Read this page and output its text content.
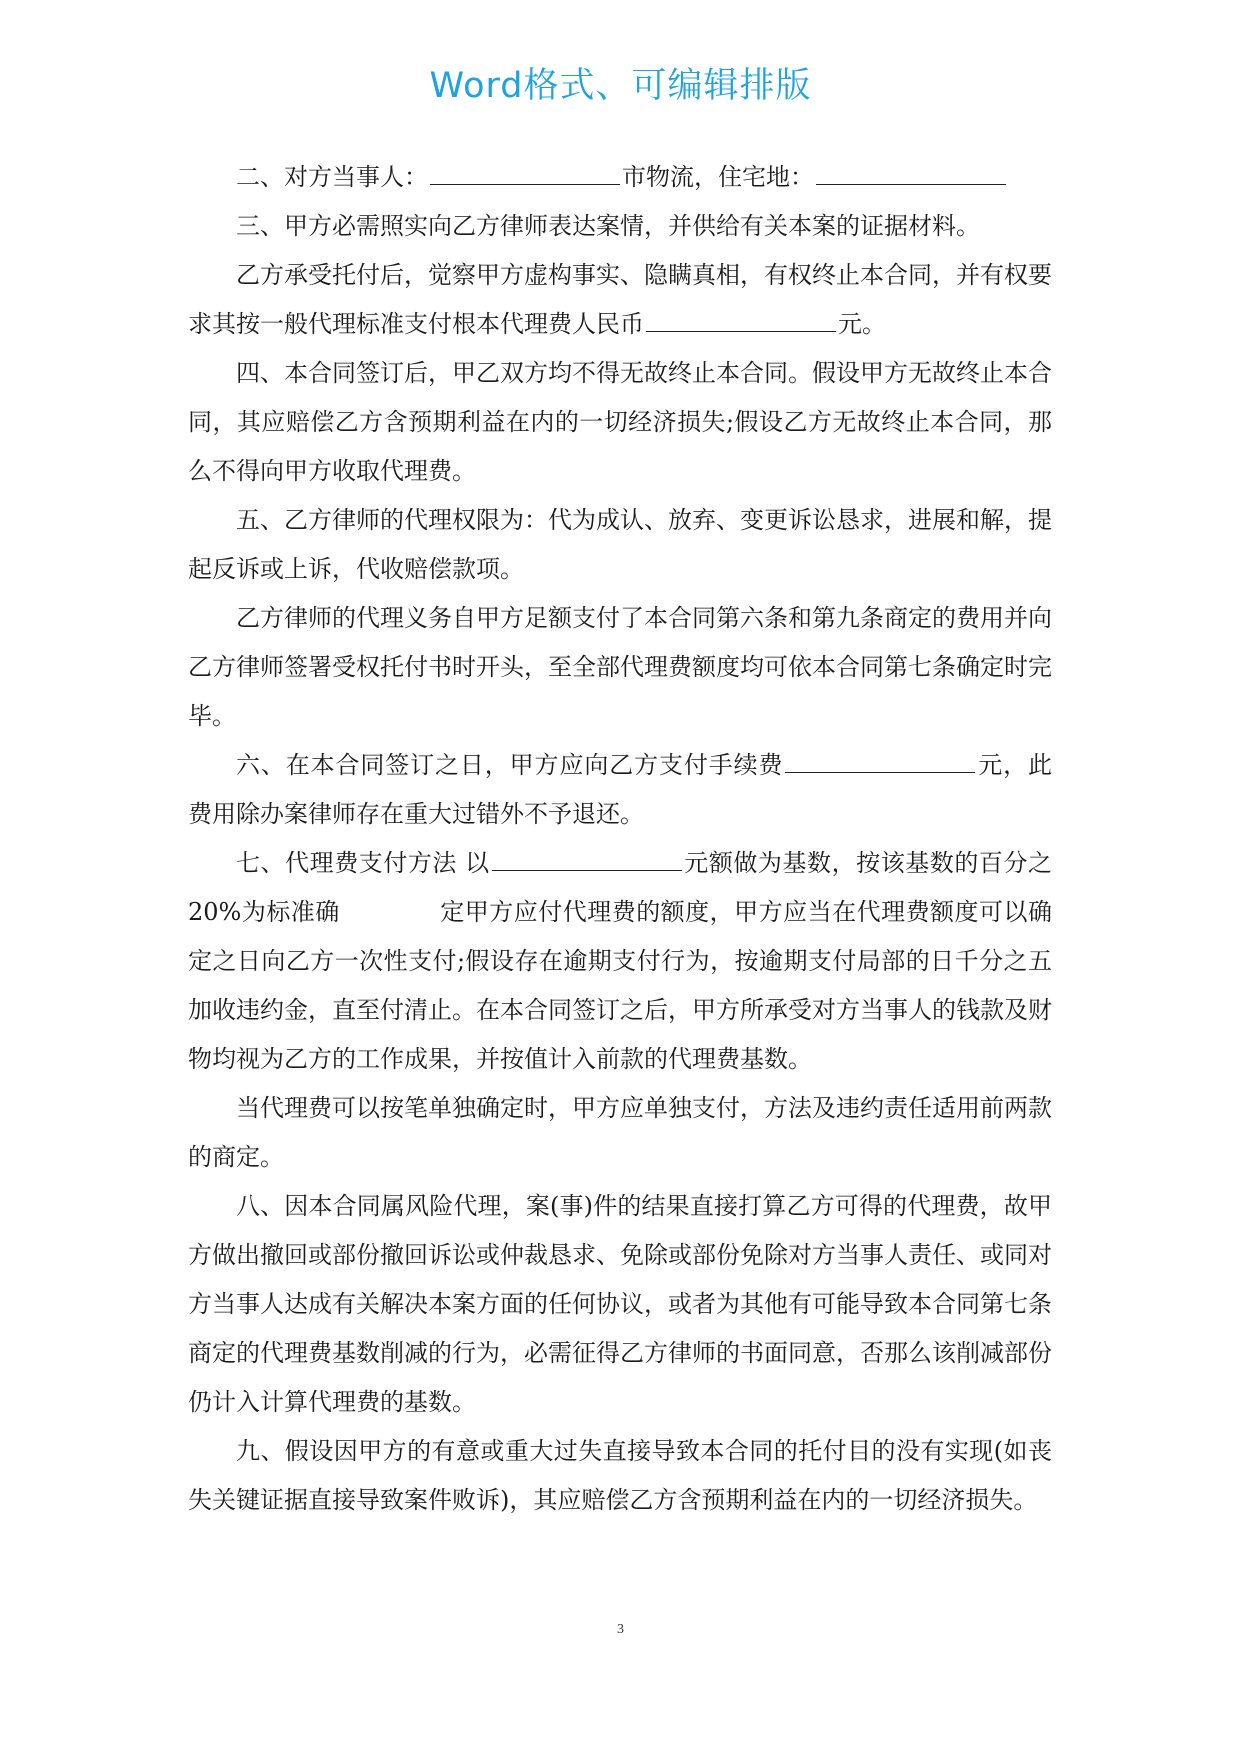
Word格式、可编辑排版

二、对方当事人：	市物流，住宅地：

三、甲方必需照实向乙方律师表达案情，并供给有关本案的证据材料。

乙方承受托付后，觉察甲方虚构事实、隐瞒真相，有权终止本合同，并有权要求其按一般代理标准支付根本代理费人民币	元。

四、本合同签订后，甲乙双方均不得无故终止本合同。假设甲方无故终止本合同，其应赔偿乙方含预期利益在内的一切经济损失;假设乙方无故终止本合同，那么不得向甲方收取代理费。

五、乙方律师的代理权限为：代为成认、放弃、变更诉讼恳求，进展和解，提起反诉或上诉，代收赔偿款项。

乙方律师的代理义务自甲方足额支付了本合同第六条和第九条商定的费用并向乙方律师签署受权托付书时开头，至全部代理费额度均可依本合同第七条确定时完毕。

六、在本合同签订之日，甲方应向乙方支付手续费	元，此费用除办案律师存在重大过错外不予退还。

七、代理费支付方法 以	元额做为基数，按该基数的百分之 20%为标准确	定甲方应付代理费的额度，甲方应当在代理费额度可以确定之日向乙方一次性支付;假设存在逾期支付行为，按逾期支付局部的日千分之五加收违约金，直至付清止。在本合同签订之后，甲方所承受对方当事人的钱款及财物均视为乙方的工作成果，并按值计入前款的代理费基数。

当代理费可以按笔单独确定时，甲方应单独支付，方法及违约责任适用前两款的商定。

八、因本合同属风险代理，案(事)件的结果直接打算乙方可得的代理费，故甲方做出撤回或部份撤回诉讼或仲裁恳求、免除或部份免除对方当事人责任、或同对方当事人达成有关解决本案方面的任何协议，或者为其他有可能导致本合同第七条商定的代理费基数削减的行为，必需征得乙方律师的书面同意，否那么该削减部份仍计入计算代理费的基数。

九、假设因甲方的有意或重大过失直接导致本合同的托付目的没有实现(如丧失关键证据直接导致案件败诉)，其应赔偿乙方含预期利益在内的一切经济损失。

3
